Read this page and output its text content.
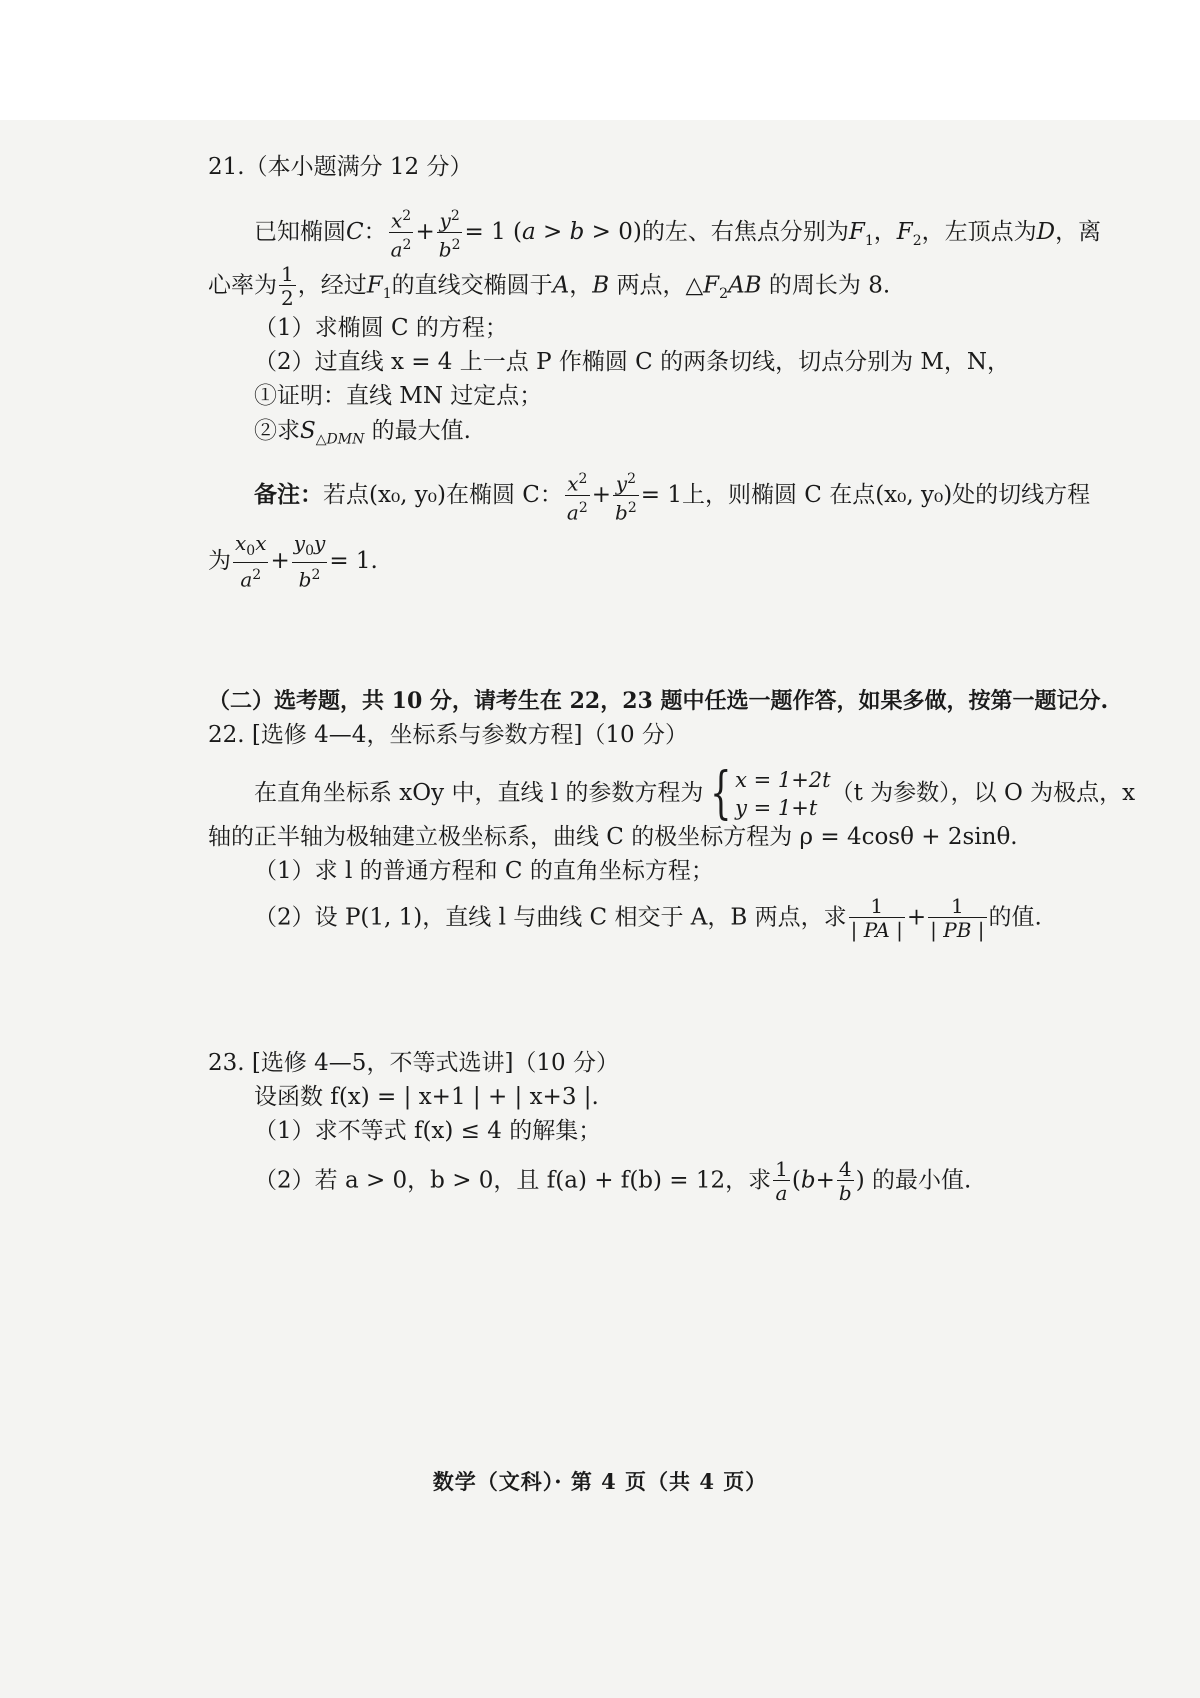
21.（本小题满分 12 分）
已知椭圆C： $\frac{x^2}{a^2} + \frac{y^2}{b^2} = 1$ (a > b > 0)的左、右焦点分别为$F_1$，$F_2$，左顶点为D，离
心率为 $\frac{1}{2}$ ，经过$F_1$的直线交椭圆于A，B 两点，$\triangle F_2AB$ 的周长为 8.
（1）求椭圆 C 的方程；
（2）过直线 x = 4 上一点 P 作椭圆 C 的两条切线，切点分别为 M，N，
①证明：直线 MN 过定点；
②求$S_{\triangle DMN}$ 的最大值.
备注：若点(x₀, y₀)在椭圆 C： $\frac{x^2}{a^2} + \frac{y^2}{b^2} = 1$上，则椭圆 C 在点(x₀, y₀)处的切线方程
为 $\frac{x_0x}{a^2} + \frac{y_0y}{b^2} = 1$.
（二）选考题，共 10 分，请考生在 22，23 题中任选一题作答，如果多做，按第一题记分.
22. [选修 4—4，坐标系与参数方程]（10 分）
在直角坐标系 xOy 中，直线 l 的参数方程为 { x = 1+2t
y = 1+t
（t 为参数），以 O 为极点，x
轴的正半轴为极轴建立极坐标系，曲线 C 的极坐标方程为 ρ = 4cosθ + 2sinθ.
（1）求 l 的普通方程和 C 的直角坐标方程；
（2）设 P(1, 1)，直线 l 与曲线 C 相交于 A，B 两点，求 $\frac{1}{| PA |} + \frac{1}{| PB |}$ 的值.
23. [选修 4—5，不等式选讲]（10 分）
设函数 f(x) = | x+1 | + | x+3 |.
（1）求不等式 f(x) ≤ 4 的解集；
（2）若 a > 0，b > 0，且 f(a) + f(b) = 12，求 $\frac{1}{a} (b+ \frac{4}{b}$ ) 的最小值.
数学（文科）· 第 4 页（共 4 页）
